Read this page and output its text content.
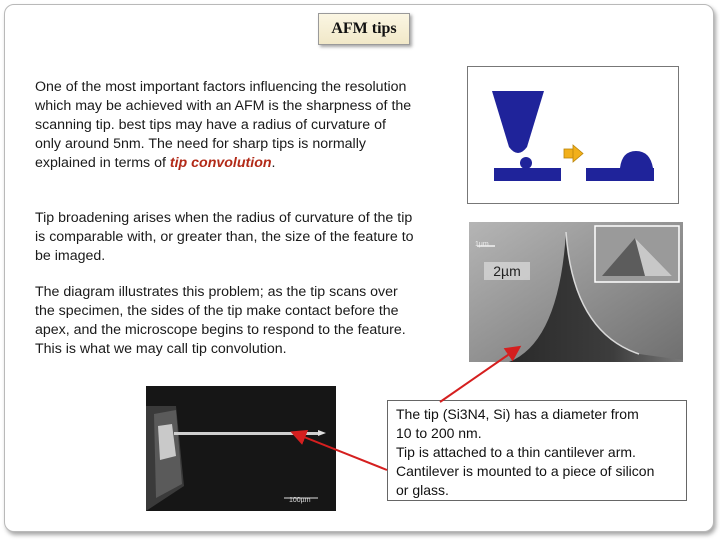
AFM tips
One of the most important factors influencing the resolution which may be achieved with an AFM is the sharpness of the scanning tip. best tips may have a radius of curvature of only around 5nm. The need for sharp tips is normally explained in terms of tip convolution.
Tip broadening arises when the radius of curvature of the tip is comparable with, or greater than, the size of the feature to be imaged.
The diagram illustrates this problem; as the tip scans over the specimen, the sides of the tip make contact before the apex, and the microscope begins to respond to the feature. This is what we may call tip convolution.
1µm
2µm
100µm
The tip (Si3N4, Si) has a diameter from
10 to 200 nm.
Tip is attached to a thin cantilever arm.
Cantilever is mounted to a piece of silicon
or glass.
